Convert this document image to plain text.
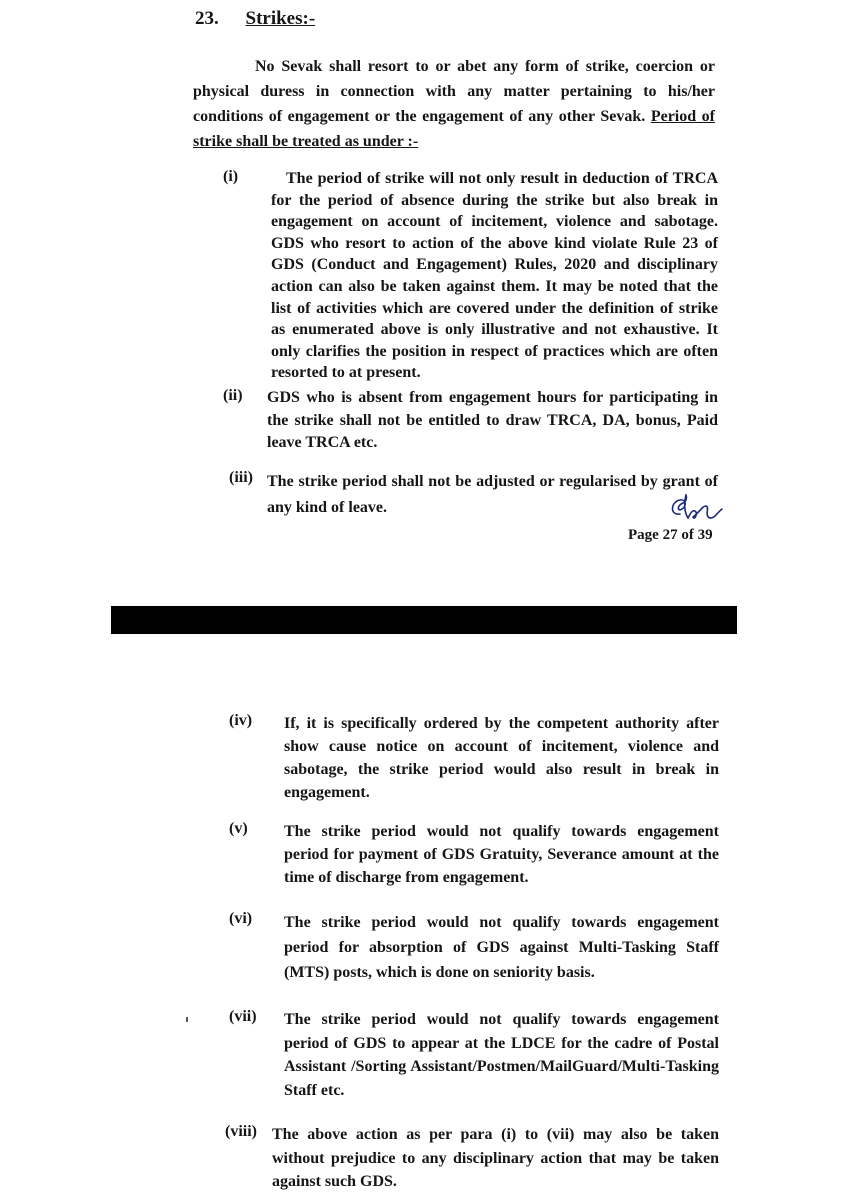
23. Strikes:-
No Sevak shall resort to or abet any form of strike, coercion or physical duress in connection with any matter pertaining to his/her conditions of engagement or the engagement of any other Sevak. Period of strike shall be treated as under :-
(i)	The period of strike will not only result in deduction of TRCA for the period of absence during the strike but also break in engagement on account of incitement, violence and sabotage. GDS who resort to action of the above kind violate Rule 23 of GDS (Conduct and Engagement) Rules, 2020 and disciplinary action can also be taken against them. It may be noted that the list of activities which are covered under the definition of strike as enumerated above is only illustrative and not exhaustive. It only clarifies the position in respect of practices which are often resorted to at present.
(ii) GDS who is absent from engagement hours for participating in the strike shall not be entitled to draw TRCA, DA, bonus, Paid leave TRCA etc.
(iii) The strike period shall not be adjusted or regularised by grant of any kind of leave.
Page 27 of 39
(iv) If, it is specifically ordered by the competent authority after show cause notice on account of incitement, violence and sabotage, the strike period would also result in break in engagement.
(v) The strike period would not qualify towards engagement period for payment of GDS Gratuity, Severance amount at the time of discharge from engagement.
(vi) The strike period would not qualify towards engagement period for absorption of GDS against Multi-Tasking Staff (MTS) posts, which is done on seniority basis.
(vii) The strike period would not qualify towards engagement period of GDS to appear at the LDCE for the cadre of Postal Assistant /Sorting Assistant/Postmen/MailGuard/Multi-Tasking Staff etc.
(viii) The above action as per para (i) to (vii) may also be taken without prejudice to any disciplinary action that may be taken against such GDS.
